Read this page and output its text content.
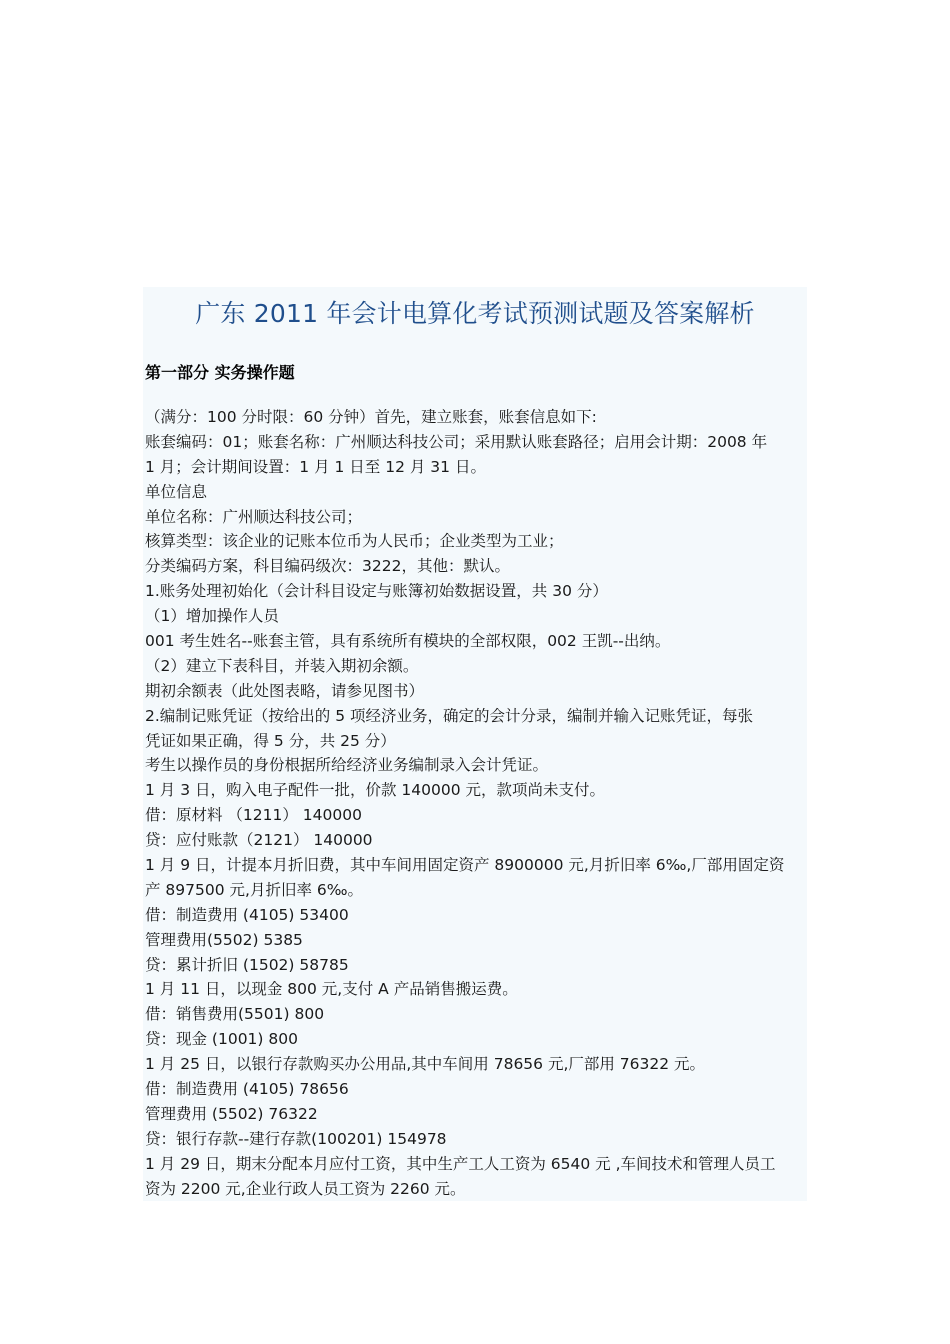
广东 2011 年会计电算化考试预测试题及答案解析
第一部分 实务操作题
（满分：100 分时限：60 分钟）首先，建立账套，账套信息如下:
账套编码：01；账套名称：广州顺达科技公司；采用默认账套路径；启用会计期：2008 年
1 月；会计期间设置：1 月 1 日至 12 月 31 日。
单位信息
单位名称：广州顺达科技公司；
核算类型：该企业的记账本位币为人民币；企业类型为工业；
分类编码方案，科目编码级次：3222，其他：默认。
1.账务处理初始化（会计科目设定与账簿初始数据设置，共 30 分）
（1）增加操作人员
001 考生姓名--账套主管，具有系统所有模块的全部权限，002 王凯--出纳。
（2）建立下表科目，并装入期初余额。
期初余额表（此处图表略，请参见图书）
2.编制记账凭证（按给出的 5 项经济业务，确定的会计分录，编制并输入记账凭证，每张
凭证如果正确，得 5 分，共 25 分）
考生以操作员的身份根据所给经济业务编制录入会计凭证。
1 月 3 日，购入电子配件一批，价款 140000 元，款项尚未支付。
借：原材料 （1211） 140000
贷：应付账款（2121） 140000
1 月 9 日，计提本月折旧费，其中车间用固定资产 8900000 元,月折旧率 6‰,厂部用固定资
产 897500 元,月折旧率 6‰。
借：制造费用 (4105) 53400
管理费用(5502) 5385
贷：累计折旧 (1502) 58785
1 月 11 日，以现金 800 元,支付 A 产品销售搬运费。
借：销售费用(5501) 800
贷：现金 (1001) 800
1 月 25 日，以银行存款购买办公用品,其中车间用 78656 元,厂部用 76322 元。
借：制造费用 (4105) 78656
管理费用 (5502) 76322
贷：银行存款--建行存款(100201) 154978
1 月 29 日，期末分配本月应付工资，其中生产工人工资为 6540 元 ,车间技术和管理人员工
资为 2200 元,企业行政人员工资为 2260 元。
